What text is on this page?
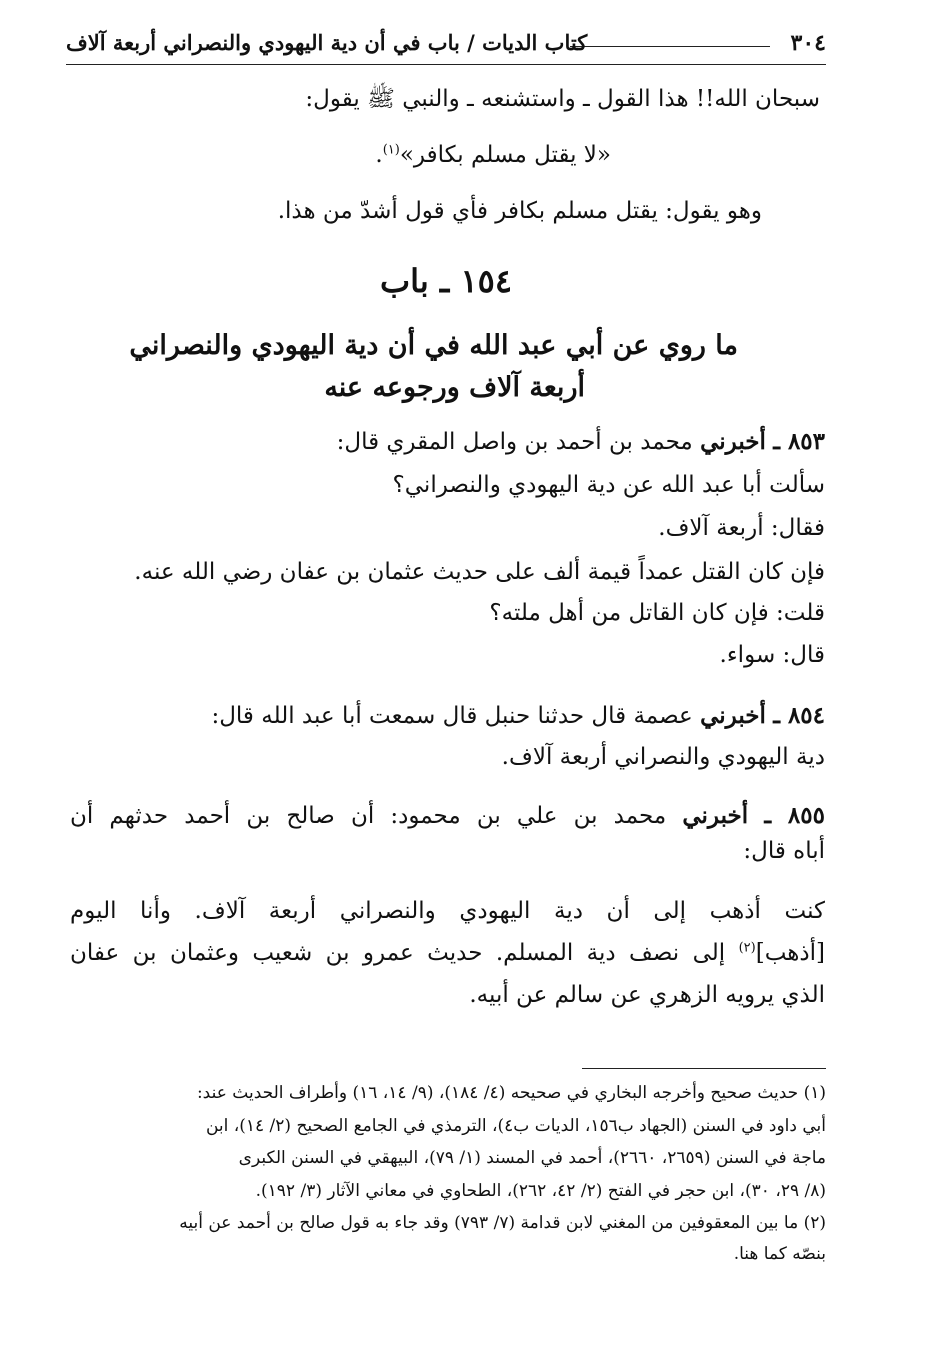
٣٠٤
كتاب الديات / باب في أن دية اليهودي والنصراني أربعة آلاف
سبحان الله!! هذا القول ـ واستشنعه ـ والنبي ﷺ يقول:
«لا يقتل مسلم بكافر»$^{(١)}$.
وهو يقول: يقتل مسلم بكافر فأي قول أشدّ من هذا.
١٥٤ ـ باب
ما روي عن أبي عبد الله في أن دية اليهودي والنصراني
أربعة آلاف ورجوعه عنه
٨٥٣ ـ أخبرني محمد بن أحمد بن واصل المقري قال:
سألت أبا عبد الله عن دية اليهودي والنصراني؟
فقال: أربعة آلاف.
فإن كان القتل عمداً قيمة ألف على حديث عثمان بن عفان رضي الله عنه.
قلت: فإن كان القاتل من أهل ملته؟
قال: سواء.
٨٥٤ ـ أخبرني عصمة قال حدثنا حنبل قال سمعت أبا عبد الله قال:
دية اليهودي والنصراني أربعة آلاف.
٨٥٥ ـ أخبرني محمد بن علي بن محمود: أن صالح بن أحمد حدثهم أن
أباه قال:
كنت أذهب إلى أن دية اليهودي والنصراني أربعة آلاف. وأنا اليوم
[أذهب]$^{(٢)}$ إلى نصف دية المسلم. حديث عمرو بن شعيب وعثمان بن عفان
الذي يرويه الزهري عن سالم عن أبيه.
(١) حديث صحيح وأخرجه البخاري في صحيحه (٤/ ١٨٤)، (٩/ ١٤، ١٦) وأطراف الحديث عند:
أبي داود في السنن (الجهاد ب١٥٦، الديات ب٤)، الترمذي في الجامع الصحيح (٢/ ١٤)، ابن
ماجة في السنن (٢٦٥٩، ٢٦٦٠)، أحمد في المسند (١/ ٧٩)، البيهقي في السنن الكبرى
(٨/ ٢٩، ٣٠)، ابن حجر في الفتح (٢/ ٤٢، ٢٦٢)، الطحاوي في معاني الآثار (٣/ ١٩٢).
(٢) ما بين المعقوفين من المغني لابن قدامة (٧/ ٧٩٣) وقد جاء به قول صالح بن أحمد عن أبيه
بنصّه كما هنا.
